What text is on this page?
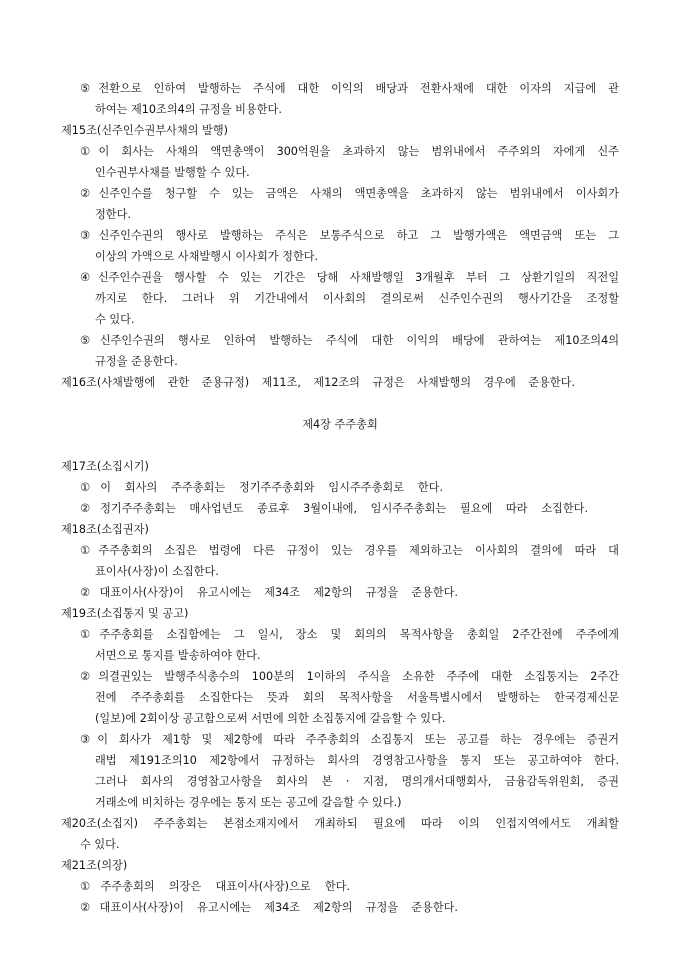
⑤전환으로 인하여 발행하는 주식에 대한 이익의 배당과 전환사채에 대한 이자의 지급에 관
하여는 제10조의4의 규정을 비용한다.
제15조(신주인수권부사채의 발행)
①이 회사는 사채의 액면총액이 300억원을 초과하지 않는 범위내에서 주주외의 자에게 신주
인수권부사채를 발행할 수 있다.
②신주인수를 청구할 수 있는 금액은 사채의 액면총액을 초과하지 않는 범위내에서 이사회가
정한다.
③신주인수권의 행사로 발행하는 주식은 보통주식으로 하고 그 발행가액은 액면금액 또는 그
이상의 가액으로 사채발행시 이사회가 정한다.
④신주인수권을 행사할 수 있는 기간은 당해 사채발행일 3개월후 부터 그 상환기일의 직전일
까지로 한다. 그러나 위 기간내에서 이사회의 결의로써 신주인수권의 행사기간을 조정할
수 있다.
⑤신주인수권의 행사로 인하여 발행하는 주식에 대한 이익의 배당에 관하여는 제10조의4의
규정을 준용한다.
제16조(사채발행에 관한 준용규정) 제11조, 제12조의 규정은 사채발행의 경우에 준용한다.
제4장 주주총회
제17조(소집시기)
①이 회사의 주주총회는 정기주주총회와 임시주주총회로 한다.
②정기주주총회는 매사업년도 종료후 3월이내에, 임시주주총회는 필요에 따라 소집한다.
제18조(소집권자)
①주주총회의 소집은 법령에 다른 규정이 있는 경우를 제외하고는 이사회의 결의에 따라 대
표이사(사장)이 소집한다.
②대표이사(사장)이 유고시에는 제34조 제2항의 규정을 준용한다.
제19조(소집통지 및 공고)
①주주총회를 소집함에는 그 일시, 장소 및 회의의 목적사항을 총회일 2주간전에 주주에게
서면으로 통지를 발송하여야 한다.
②의결권있는 발행주식총수의 100분의 1이하의 주식을 소유한 주주에 대한 소집통지는 2주간
전에 주주총회를 소집한다는 뜻과 회의 목적사항을 서울특별시에서 발행하는 한국경제신문
(일보)에 2회이상 공고함으로써 서면에 의한 소집통지에 갈음할 수 있다.
③이 회사가 제1항 및 제2항에 따라 주주총회의 소집통지 또는 공고를 하는 경우에는 증권거
래법 제191조의10 제2항에서 규정하는 회사의 경영참고사항을 통지 또는 공고하여야 한다.
그러나 회사의 경영참고사항을 회사의 본 · 지점, 명의개서대행회사, 금융감독위원회, 증권
거래소에 비치하는 경우에는 통지 또는 공고에 갈음할 수 있다.)
제20조(소집지) 주주총회는 본점소재지에서 개최하되 필요에 따라 이의 인접지역에서도 개최할
수 있다.
제21조(의장)
①주주총회의 의장은 대표이사(사장)으로 한다.
②대표이사(사장)이 유고시에는 제34조 제2항의 규정을 준용한다.
